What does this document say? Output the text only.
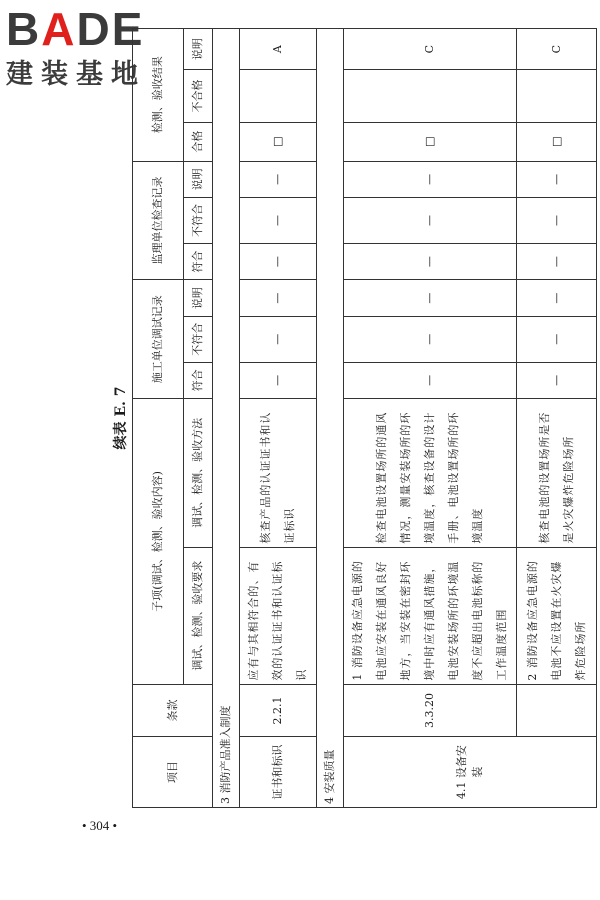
BADE
建装基地
续表 E. 7
项目	条款	子项(调试、检测、验收内容)		施工单位调试记录			监理单位检查记录			检测、验收结果		
		调试、检测、验收要求	调试、检测、验收方法	符合	不符合	说明	符合	不符合	说明	合格	不合格	说明
3 消防产品准入制度												
证书和标识	2.2.1	应有与其相符合的、有效的认证证书和认证标识	核查产品的认证证书和认证标识	—	—	—	—	—	—	□		A
4 安装质量												
4.1 设备安装	3.3.20	1 消防设备应急电源的电池应安装在通风良好地方，当安装在密封环境中时应有通风措施，电池安装场所的环境温度不应超出电池标称的工作温度范围	检查电池设置场所的通风情况，测量安装场所的环境温度，核查设备的设计手册、电池设置场所的环境温度	—	—	—	—	—	—	□		C
		2 消防设备应急电源的电池不应设置在火灾爆炸危险场所	核查电池的设置场所是否是火灾爆炸危险场所	—	—	—	—	—	—	□		C
• 304 •
